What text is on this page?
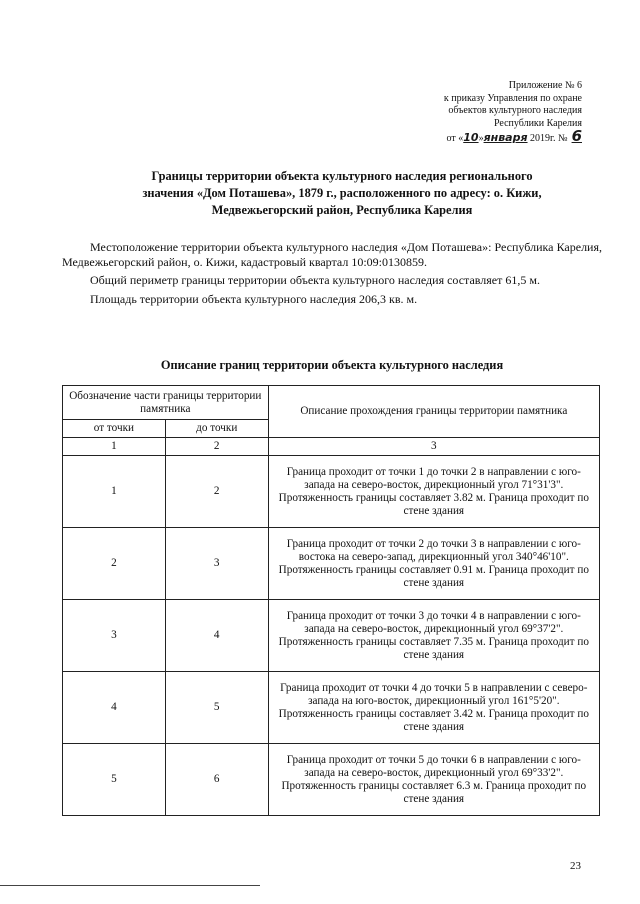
Приложение № 6
к приказу Управления по охране
объектов культурного наследия
Республики Карелия
от «10»января 2019г. № 6
Границы территории объекта культурного наследия регионального
значения «Дом Поташева», 1879 г., расположенного по адресу: о. Кижи,
Медвежьегорский район, Республика Карелия

Местоположение территории объекта культурного наследия «Дом Поташева»: Республика Карелия, Медвежьегорский район, о. Кижи, кадастровый квартал 10:09:0130859.

Общий периметр границы территории объекта культурного наследия составляет 61,5 м.

Площадь территории объекта культурного наследия 206,3 кв. м.

Описание границ территории объекта культурного наследия
Обозначение части границы территории памятника		Описание прохождения границы территории памятника
от точки	до точки	
1	2	3
1	2	Граница проходит от точки 1 до точки 2 в направлении с юго-запада на северо-восток, дирекционный угол 71°31'3". Протяженность границы составляет 3.82 м. Граница проходит по стене здания
2	3	Граница проходит от точки 2 до точки 3 в направлении с юго-востока на северо-запад, дирекционный угол 340°46'10". Протяженность границы составляет 0.91 м. Граница проходит по стене здания
3	4	Граница проходит от точки 3 до точки 4 в направлении с юго-запада на северо-восток, дирекционный угол 69°37'2". Протяженность границы составляет 7.35 м. Граница проходит по стене здания
4	5	Граница проходит от точки 4 до точки 5 в направлении с северо-запада на юго-восток, дирекционный угол 161°5'20". Протяженность границы составляет 3.42 м. Граница проходит по стене здания
5	6	Граница проходит от точки 5 до точки 6 в направлении с юго-запада на северо-восток, дирекционный угол 69°33'2". Протяженность границы составляет 6.3 м. Граница проходит по стене здания
23
